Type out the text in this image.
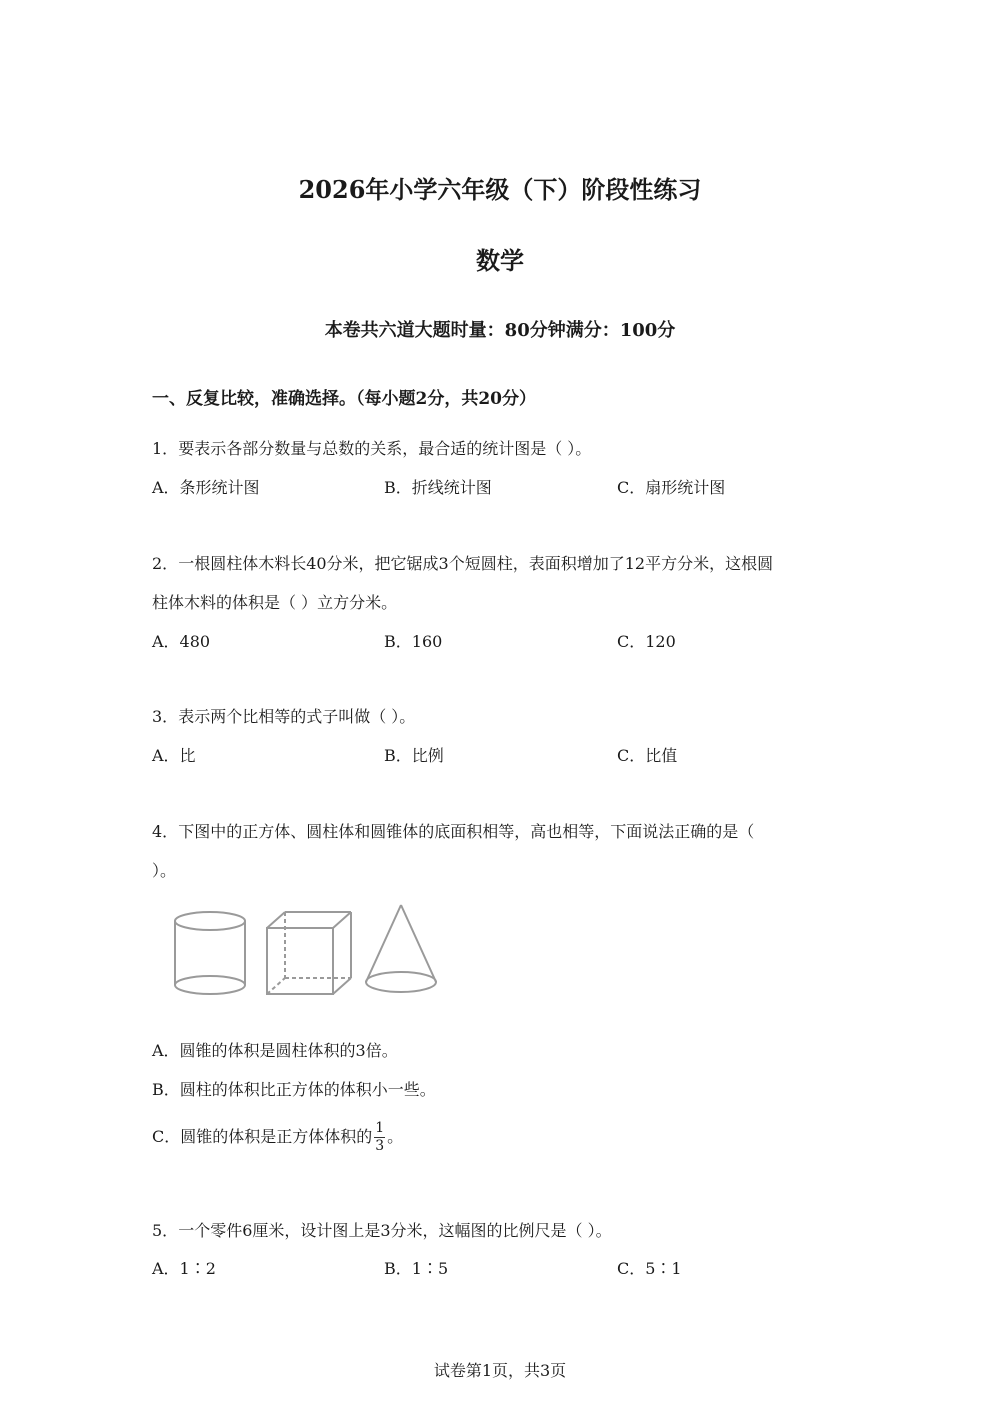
2026年小学六年级（下）阶段性练习
数学
本卷共六道大题时量：80分钟满分：100分
一、反复比较，准确选择。（每小题2分，共20分）
1．要表示各部分数量与总数的关系，最合适的统计图是（ ）。
A．条形统计图	B．折线统计图	C．扇形统计图
2．一根圆柱体木料长40分米，把它锯成3个短圆柱，表面积增加了12平方分米，这根圆
柱体木料的体积是（ ）立方分米。
A．480	B．160	C．120
3．表示两个比相等的式子叫做（ ）。
A．比	B．比例	C．比值
4．下图中的正方体、圆柱体和圆锥体的底面积相等，高也相等，下面说法正确的是（
）。
A．圆锥的体积是圆柱体积的3倍。
B．圆柱的体积比正方体的体积小一些。
C．圆锥的体积是正方体体积的 $\frac{1}{3}$ 。
5．一个零件6厘米，设计图上是3分米，这幅图的比例尺是（ ）。
A．1∶2	B．1∶5	C．5∶1
试卷第1页，共3页
